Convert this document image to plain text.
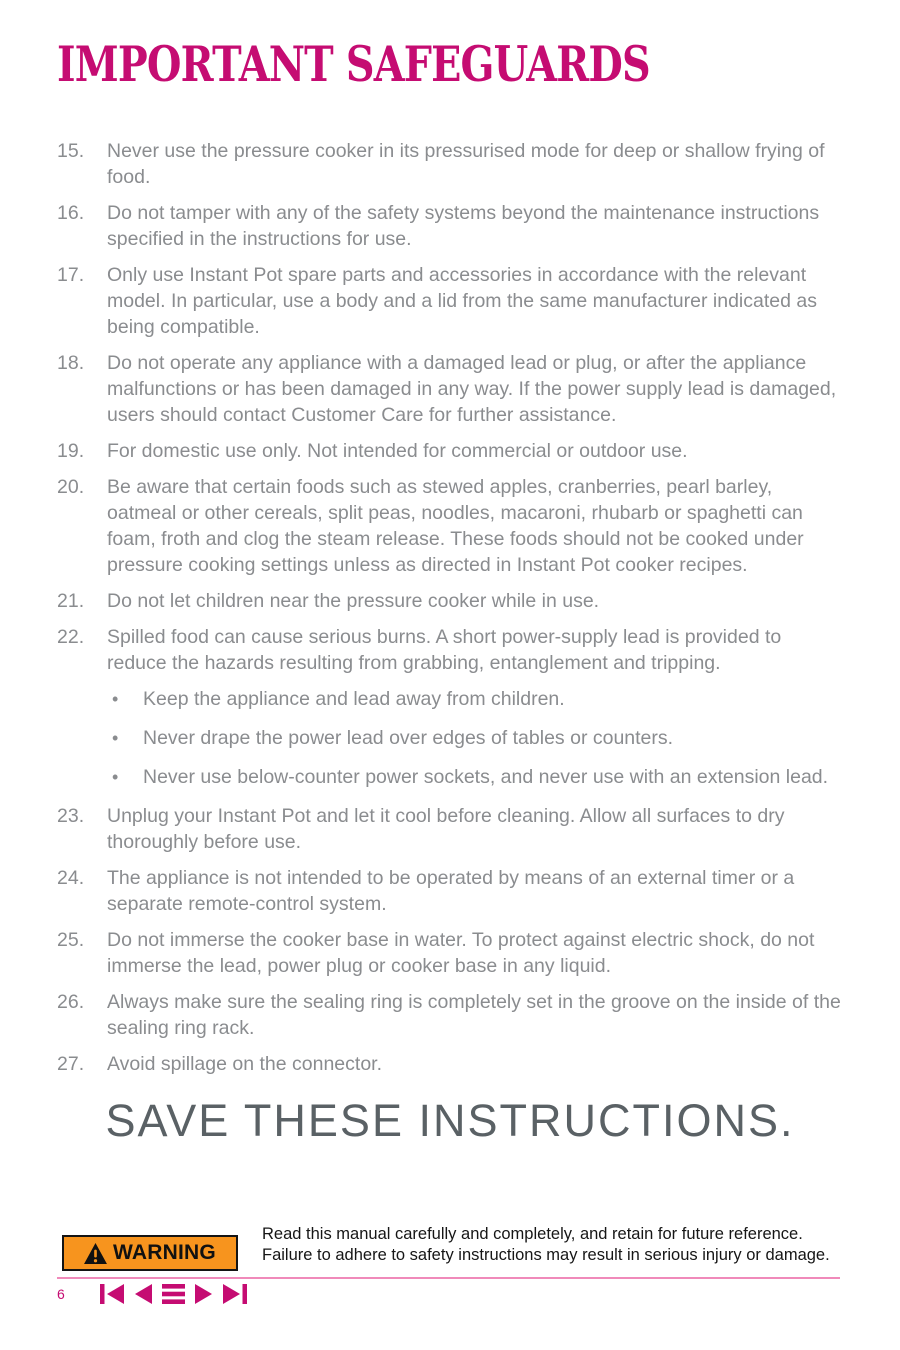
IMPORTANT SAFEGUARDS
15.	Never use the pressure cooker in its pressurised mode for deep or shallow frying of food.
16.	Do not tamper with any of the safety systems beyond the maintenance instructions specified in the instructions for use.
17.	Only use Instant Pot spare parts and accessories in accordance with the relevant model. In particular, use a body and a lid from the same manufacturer indicated as being compatible.
18.	Do not operate any appliance with a damaged lead or plug, or after the appliance malfunctions or has been damaged in any way. If the power supply lead is damaged, users should contact Customer Care for further assistance.
19.	For domestic use only. Not intended for commercial or outdoor use.
20.	Be aware that certain foods such as stewed apples, cranberries, pearl barley, oatmeal or other cereals, split peas, noodles, macaroni, rhubarb or spaghetti can foam, froth and clog the steam release. These foods should not be cooked under pressure cooking settings unless as directed in Instant Pot cooker recipes.
21.	Do not let children near the pressure cooker while in use.
22.	Spilled food can cause serious burns. A short power-supply lead is provided to reduce the hazards resulting from grabbing, entanglement and tripping.
•	Keep the appliance and lead away from children.
•	Never drape the power lead over edges of tables or counters.
•	Never use below-counter power sockets, and never use with an extension lead.
23.	Unplug your Instant Pot and let it cool before cleaning. Allow all surfaces to dry thoroughly before use.
24.	The appliance is not intended to be operated by means of an external timer or a separate remote-control system.
25.	Do not immerse the cooker base in water. To protect against electric shock, do not immerse the lead, power plug or cooker base in any liquid.
26.	Always make sure the sealing ring is completely set in the groove on the inside of the sealing ring rack.
27.	Avoid spillage on the connector.
SAVE THESE INSTRUCTIONS.
WARNING
Read this manual carefully and completely, and retain for future reference.
Failure to adhere to safety instructions may result in serious injury or damage.
6
